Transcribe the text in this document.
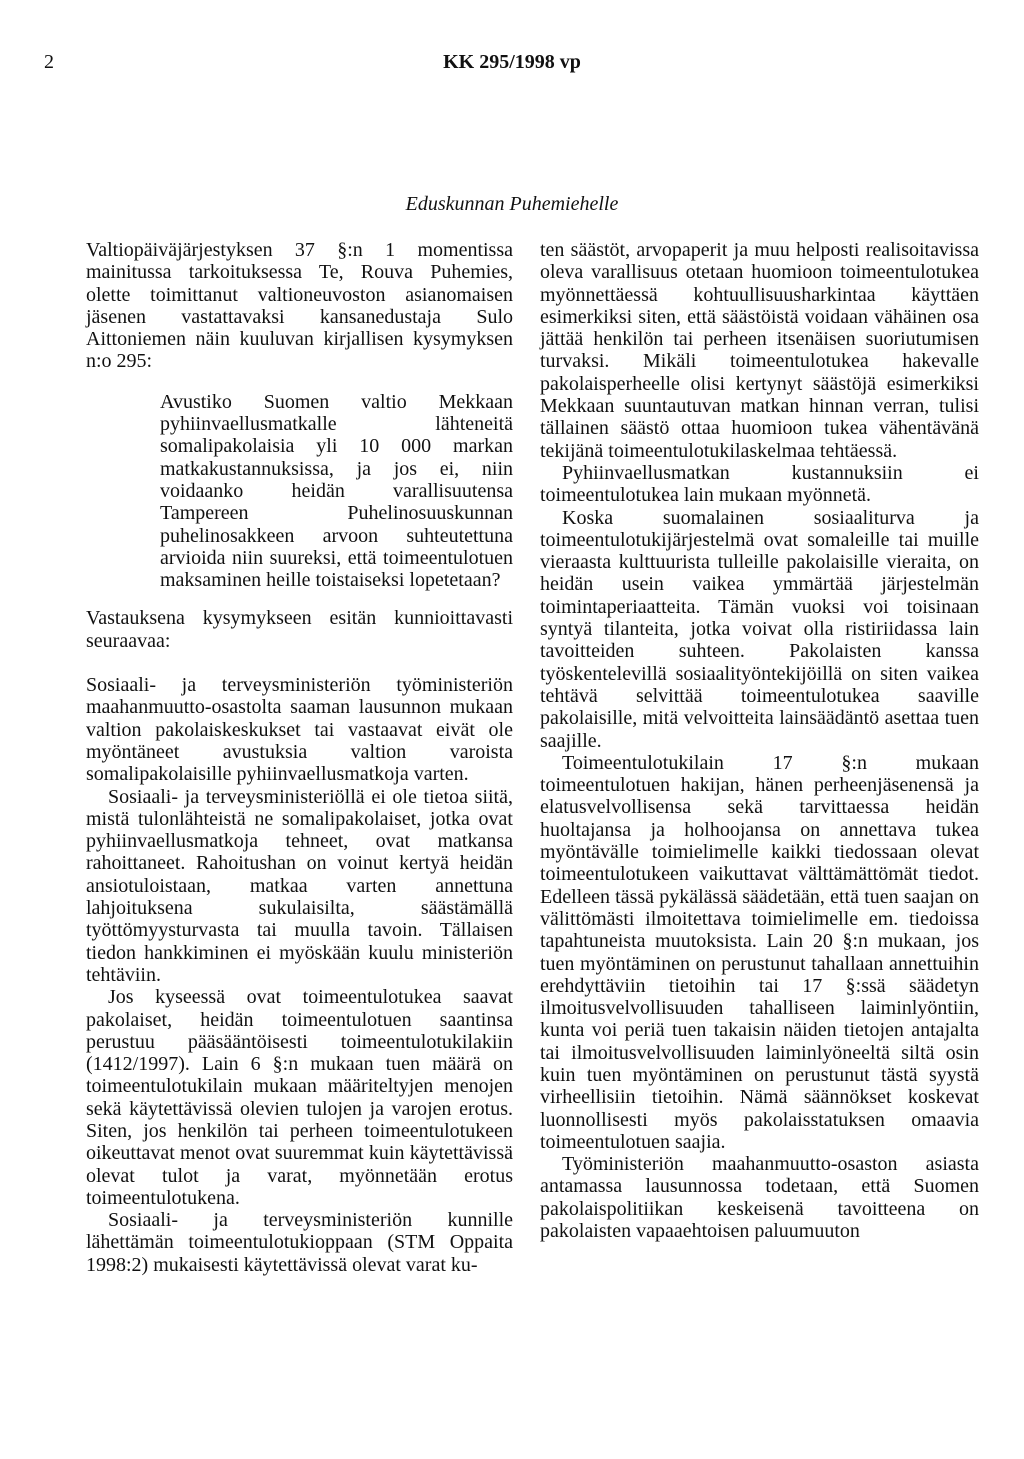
2	KK 295/1998 vp
Eduskunnan Puhemiehelle

Valtiopäiväjärjestyksen 37 §:n 1 momentissa mainitussa tarkoituksessa Te, Rouva Puhemies, olette toimittanut valtioneuvoston asianomaisen jäsenen vastattavaksi kansanedustaja Sulo Aittoniemen näin kuuluvan kirjallisen kysymyksen n:o 295:

Avustiko Suomen valtio Mekkaan pyhiinvaellusmatkalle lähteneitä somalipakolaisia yli 10 000 markan matkakustannuksissa, ja jos ei, niin voidaanko heidän varallisuutensa Tampereen Puhelinosuuskunnan puhelinosakkeen arvoon suhteutettuna arvioida niin suureksi, että toimeentulotuen maksaminen heille toistaiseksi lopetetaan?

Vastauksena kysymykseen esitän kunnioittavasti seuraavaa:

Sosiaali- ja terveysministeriön työministeriön maahanmuutto-osastolta saaman lausunnon mukaan valtion pakolaiskeskukset tai vastaavat eivät ole myöntäneet avustuksia valtion varoista somalipakolaisille pyhiinvaellusmatkoja varten.

Sosiaali- ja terveysministeriöllä ei ole tietoa siitä, mistä tulonlähteistä ne somalipakolaiset, jotka ovat pyhiinvaellusmatkoja tehneet, ovat matkansa rahoittaneet. Rahoitushan on voinut kertyä heidän ansiotuloistaan, matkaa varten annettuna lahjoituksena sukulaisilta, säästämällä työttömyysturvasta tai muulla tavoin. Tällaisen tiedon hankkiminen ei myöskään kuulu ministeriön tehtäviin.

Jos kyseessä ovat toimeentulotukea saavat pakolaiset, heidän toimeentulotuen saantinsa perustuu pääsääntöisesti toimeentulotukilakiin (1412/1997). Lain 6 §:n mukaan tuen määrä on toimeentulotukilain mukaan määriteltyjen menojen sekä käytettävissä olevien tulojen ja varojen erotus. Siten, jos henkilön tai perheen toimeentulotukeen oikeuttavat menot ovat suuremmat kuin käytettävissä olevat tulot ja varat, myönnetään erotus toimeentulotukena.

Sosiaali- ja terveysministeriön kunnille lähettämän toimeentulotukioppaan (STM Oppaita 1998:2) mukaisesti käytettävissä olevat varat ku-

ten säästöt, arvopaperit ja muu helposti realisoitavissa oleva varallisuus otetaan huomioon toimeentulotukea myönnettäessä kohtuullisuusharkintaa käyttäen esimerkiksi siten, että säästöistä voidaan vähäinen osa jättää henkilön tai perheen itsenäisen suoriutumisen turvaksi. Mikäli toimeentulotukea hakevalle pakolaisperheelle olisi kertynyt säästöjä esimerkiksi Mekkaan suuntautuvan matkan hinnan verran, tulisi tällainen säästö ottaa huomioon tukea vähentävänä tekijänä toimeentulotukilaskelmaa tehtäessä.

Pyhiinvaellusmatkan kustannuksiin ei toimeentulotukea lain mukaan myönnetä.

Koska suomalainen sosiaaliturva ja toimeentulotukijärjestelmä ovat somaleille tai muille vieraasta kulttuurista tulleille pakolaisille vieraita, on heidän usein vaikea ymmärtää järjestelmän toimintaperiaatteita. Tämän vuoksi voi toisinaan syntyä tilanteita, jotka voivat olla ristiriidassa lain tavoitteiden suhteen. Pakolaisten kanssa työskentelevillä sosiaalityöntekijöillä on siten vaikea tehtävä selvittää toimeentulotukea saaville pakolaisille, mitä velvoitteita lainsäädäntö asettaa tuen saajille.

Toimeentulotukilain 17 §:n mukaan toimeentulotuen hakijan, hänen perheenjäsenensä ja elatusvelvollisensa sekä tarvittaessa heidän huoltajansa ja holhoojansa on annettava tukea myöntävälle toimielimelle kaikki tiedossaan olevat toimeentulotukeen vaikuttavat välttämättömät tiedot. Edelleen tässä pykälässä säädetään, että tuen saajan on välittömästi ilmoitettava toimielimelle em. tiedoissa tapahtuneista muutoksista. Lain 20 §:n mukaan, jos tuen myöntäminen on perustunut tahallaan annettuihin erehdyttäviin tietoihin tai 17 §:ssä säädetyn ilmoitusvelvollisuuden tahalliseen laiminlyöntiin, kunta voi periä tuen takaisin näiden tietojen antajalta tai ilmoitusvelvollisuuden laiminlyöneeltä siltä osin kuin tuen myöntäminen on perustunut tästä syystä virheellisiin tietoihin. Nämä säännökset koskevat luonnollisesti myös pakolaisstatuksen omaavia toimeentulotuen saajia.

Työministeriön maahanmuutto-osaston asiasta antamassa lausunnossa todetaan, että Suomen pakolaispolitiikan keskeisenä tavoitteena on pakolaisten vapaaehtoisen paluumuuton
